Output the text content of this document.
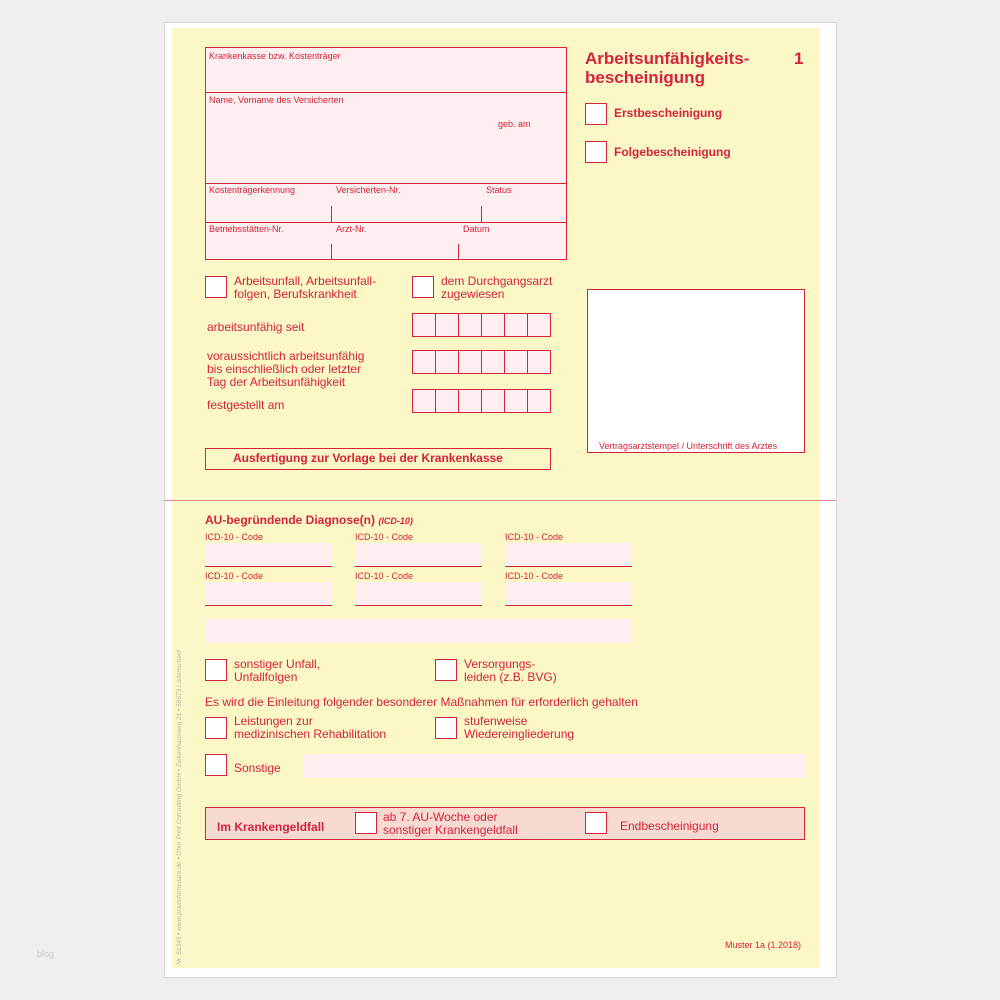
Krankenkasse bzw. Kostenträger
Name, Vorname des Versicherten
geb. am
Kostenträgerkennung	Versicherten-Nr.	Status
Betriebsstätten-Nr.	Arzt-Nr.	Datum
Arbeitsunfähigkeits-
bescheinigung
1
Erstbescheinigung
Folgebescheinigung
Arbeitsunfall, Arbeitsunfall-
folgen, Berufskrankheit
dem Durchgangsarzt
zugewiesen
arbeitsunfähig seit
voraussichtlich arbeitsunfähig
bis einschließlich oder letzter
Tag der Arbeitsunfähigkeit
festgestellt am
Vertragsarztstempel / Unterschrift des Arztes
Ausfertigung zur Vorlage bei der Krankenkasse
AU-begründende Diagnose(n) (ICD-10)
ICD-10 - Code	ICD-10 - Code	ICD-10 - Code
ICD-10 - Code	ICD-10 - Code	ICD-10 - Code
sonstiger Unfall,
Unfallfolgen
Versorgungs-
leiden (z.B. BVG)
Es wird die Einleitung folgender besonderer Maßnahmen für erforderlich gehalten
Leistungen zur
medizinischen Rehabilitation
stufenweise
Wiedereingliederung
Sonstige
Im Krankengeldfall
ab 7. AU-Woche oder
sonstiger Krankengeldfall	Endbescheinigung
Muster 1a (1.2018)
Nr. 51345 • www.praxisformulare.de • Ohm Print Consulting GmbH • Ziekenhausweg 21 • 58673 Lüdenscheid
blog
